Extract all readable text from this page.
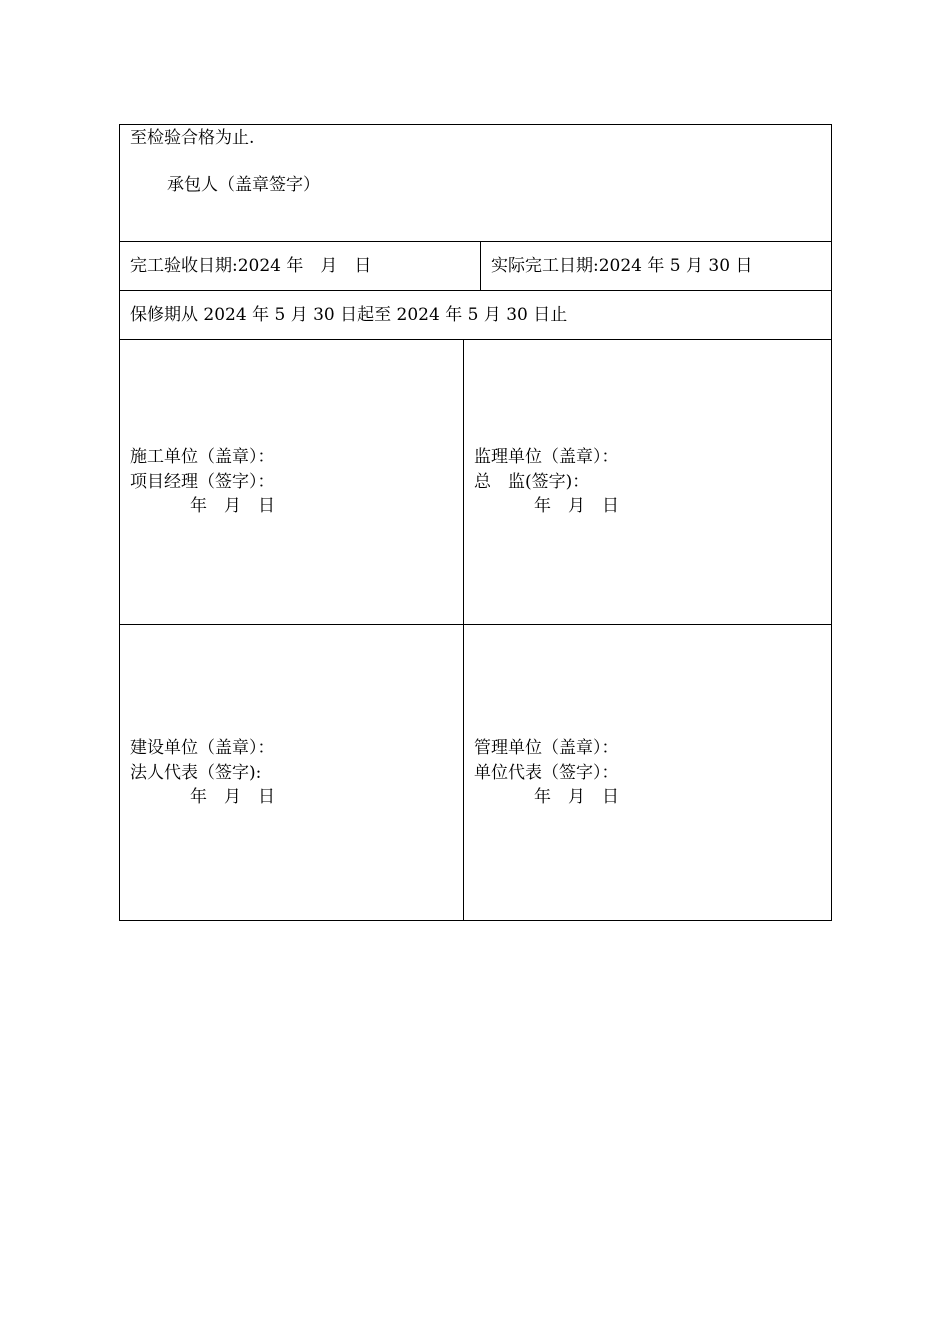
至检验合格为止.
承包人（盖章签字）
完工验收日期:2024 年　月　日	实际完工日期:2024 年 5 月 30 日
保修期从 2024 年 5 月 30 日起至 2024 年 5 月 30 日止
施工单位（盖章）：
项目经理（签字）：
年　月　日
监理单位（盖章）：
总　监(签字)：
年　月　日
建设单位（盖章）：
法人代表（签字):
年　月　日
管理单位（盖章）：
单位代表（签字）：
年　月　日
